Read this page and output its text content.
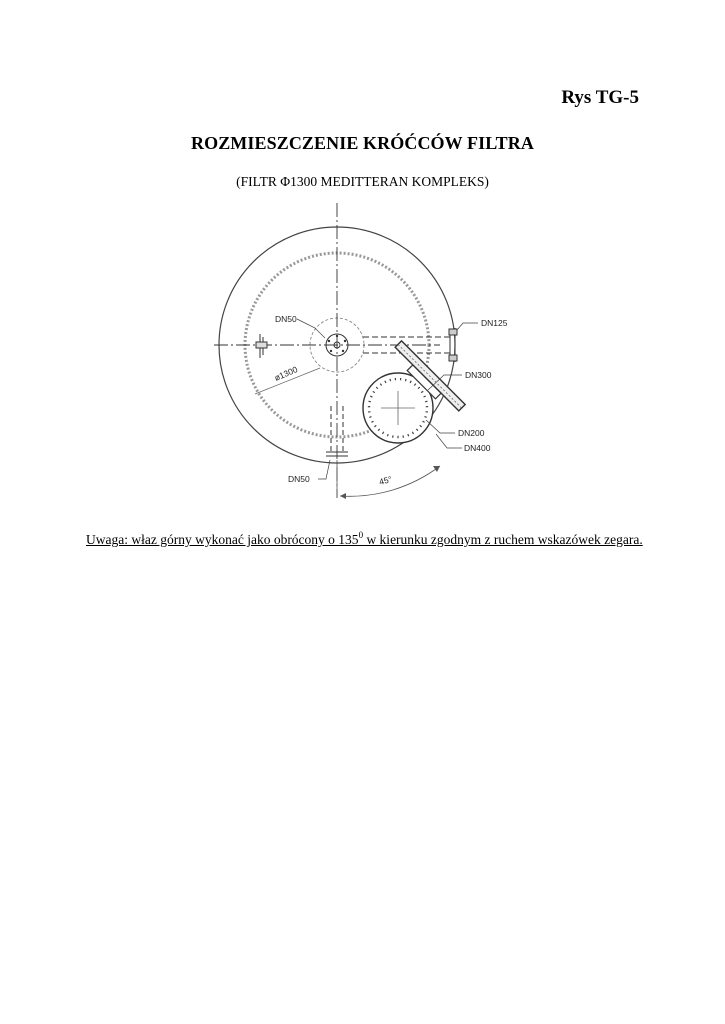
Rys TG-5
ROZMIESZCZENIE KRÓĆCÓW FILTRA
(FILTR Φ1300 MEDITTERAN KOMPLEKS)
45°
ø1300
DN50	DN125
DN300
DN200
DN400
DN50
Uwaga: właz górny wykonać jako obrócony o $135^0$ w kierunku zgodnym z ruchem wskazówek zegara.
